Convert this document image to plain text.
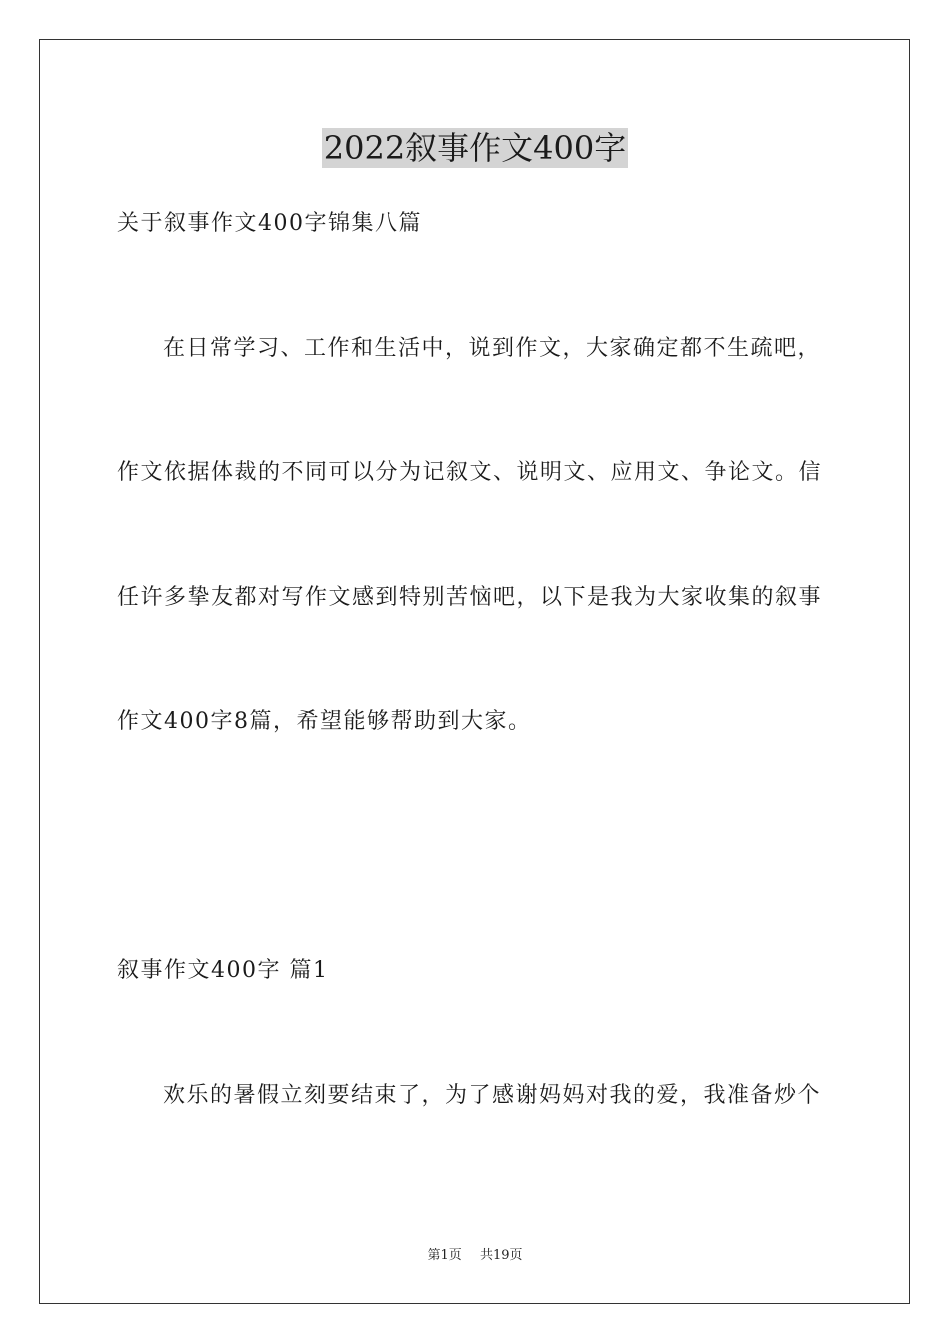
2022叙事作文400字
关于叙事作文400字锦集八篇
在日常学习、工作和生活中，说到作文，大家确定都不生疏吧，
作文依据体裁的不同可以分为记叙文、说明文、应用文、争论文。信
任许多挚友都对写作文感到特别苦恼吧，以下是我为大家收集的叙事
作文400字8篇，希望能够帮助到大家。
叙事作文400字 篇1
欢乐的暑假立刻要结束了，为了感谢妈妈对我的爱，我准备炒个
第1页 共19页
